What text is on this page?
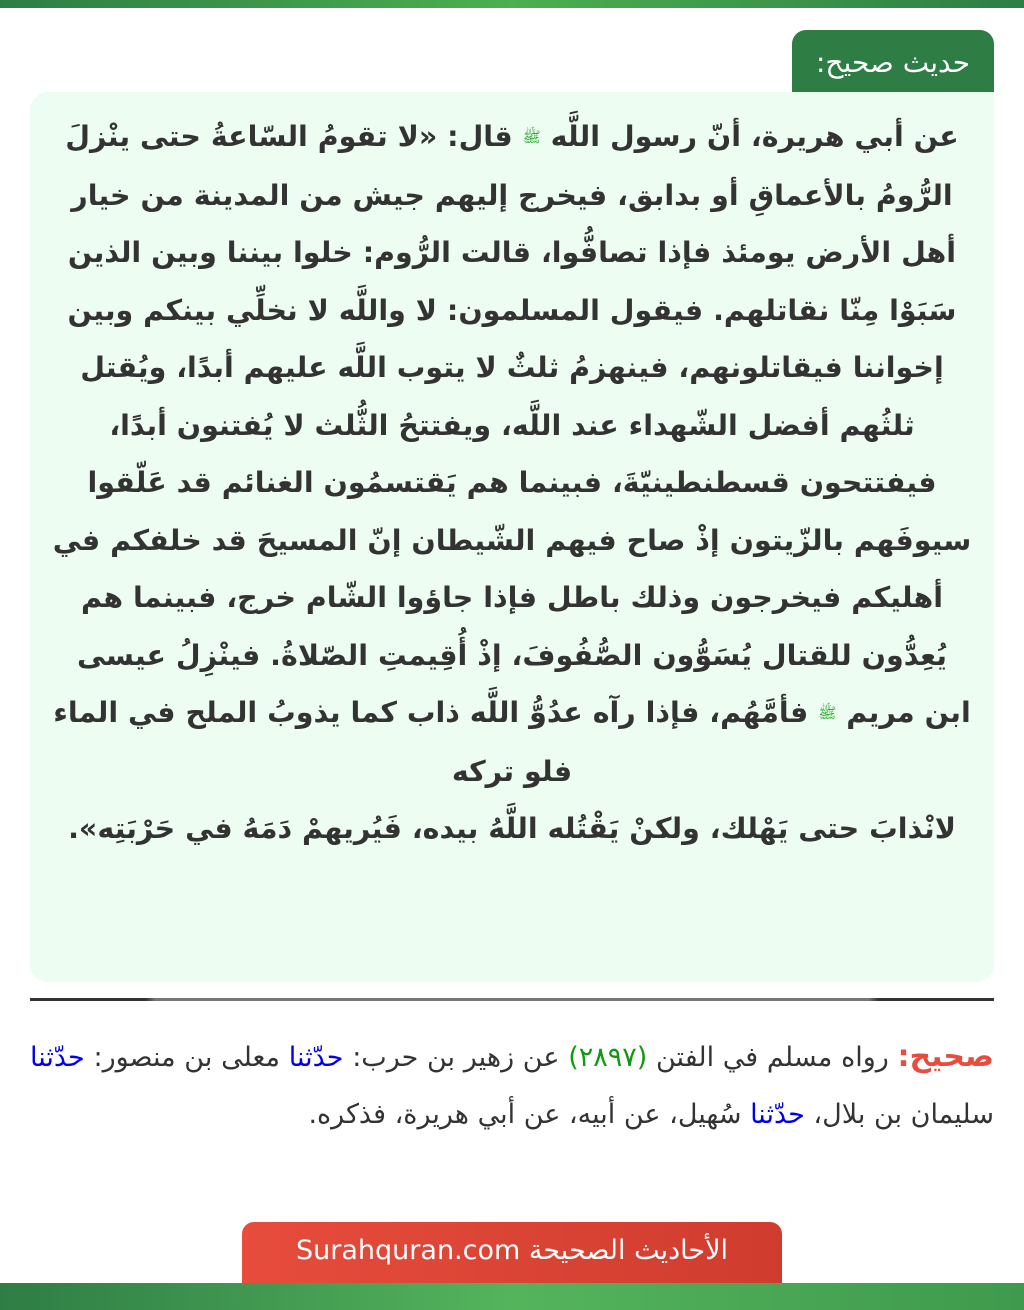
حديث صحيح:

عن أبي هريرة، أنّ رسول اللَّه ﷺ قال: «لا تقومُ السّاعةُ حتى ينْزلَ الرُّومُ بالأعماقِ أو بدابق، فيخرج إليهم جيش من المدينة من خيار أهل الأرض يومئذ فإذا تصافُّوا، قالت الرُّوم: خلوا بيننا وبين الذين سَبَوْا مِنّا نقاتلهم. فيقول المسلمون: لا واللَّه لا نخلِّي بينكم وبين إخواننا فيقاتلونهم، فينهزمُ ثلثٌ لا يتوب اللَّه عليهم أبدًا، ويُقتل ثلثُهم أفضل الشّهداء عند اللَّه، ويفتتحُ الثُّلث لا يُفتنون أبدًا، فيفتتحون قسطنطينيّةَ، فبينما هم يَقتسمُون الغنائم قد عَلّقوا سيوفَهم بالزّيتون إذْ صاح فيهم الشّيطان إنّ المسيحَ قد خلفكم في أهليكم فيخرجون وذلك باطل فإذا جاؤوا الشّام خرج، فبينما هم يُعِدُّون للقتال يُسَوُّون الصُّفُوفَ، إذْ أُقِيمتِ الصّلاةُ. فينْزِلُ عيسى ابن مريم ﷺ فأمَّهُم، فإذا رآه عدُوُّ اللَّه ذاب كما يذوبُ الملح في الماء فلو تركه
لانْذابَ حتى يَهْلك، ولكنْ يَقْتُله اللَّهُ بيده، فَيُريهمْ دَمَهُ في حَرْبَتِه».

صحيح: رواه مسلم في الفتن (٢٨٩٧) عن زهير بن حرب: حدّثنا معلى بن منصور: حدّثنا سليمان بن بلال، حدّثنا سُهيل، عن أبيه، عن أبي هريرة، فذكره.

الأحاديث الصحيحة Surahquran.com
